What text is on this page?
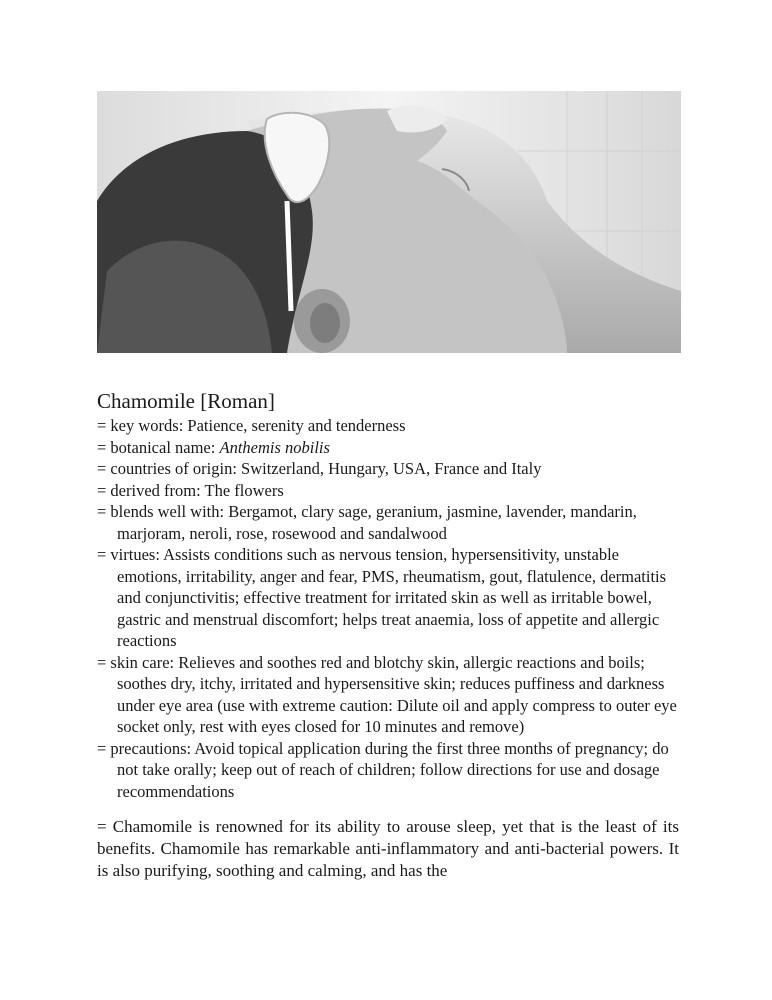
Chamomile [Roman]
= key words: Patience, serenity and tenderness
= botanical name: Anthemis nobilis
= countries of origin: Switzerland, Hungary, USA, France and Italy
= derived from: The flowers
= blends well with: Bergamot, clary sage, geranium, jasmine, lavender, mandarin, marjoram, neroli, rose, rosewood and sandalwood
= virtues: Assists conditions such as nervous tension, hypersensitivity, unstable emotions, irritability, anger and fear, PMS, rheumatism, gout, flatulence, dermatitis and conjunctivitis; effective treatment for irritated skin as well as irritable bowel, gastric and menstrual discomfort; helps treat anaemia, loss of appetite and allergic reactions
= skin care: Relieves and soothes red and blotchy skin, allergic reactions and boils; soothes dry, itchy, irritated and hypersensitive skin; reduces puffiness and darkness under eye area (use with extreme caution: Dilute oil and apply compress to outer eye socket only, rest with eyes closed for 10 minutes and remove)
= precautions: Avoid topical application during the first three months of pregnancy; do not take orally; keep out of reach of children; follow directions for use and dosage recommendations
= Chamomile is renowned for its ability to arouse sleep, yet that is the least of its benefits. Chamomile has remarkable anti-inflammatory and anti-bacterial powers. It is also purifying, soothing and calming, and has the
